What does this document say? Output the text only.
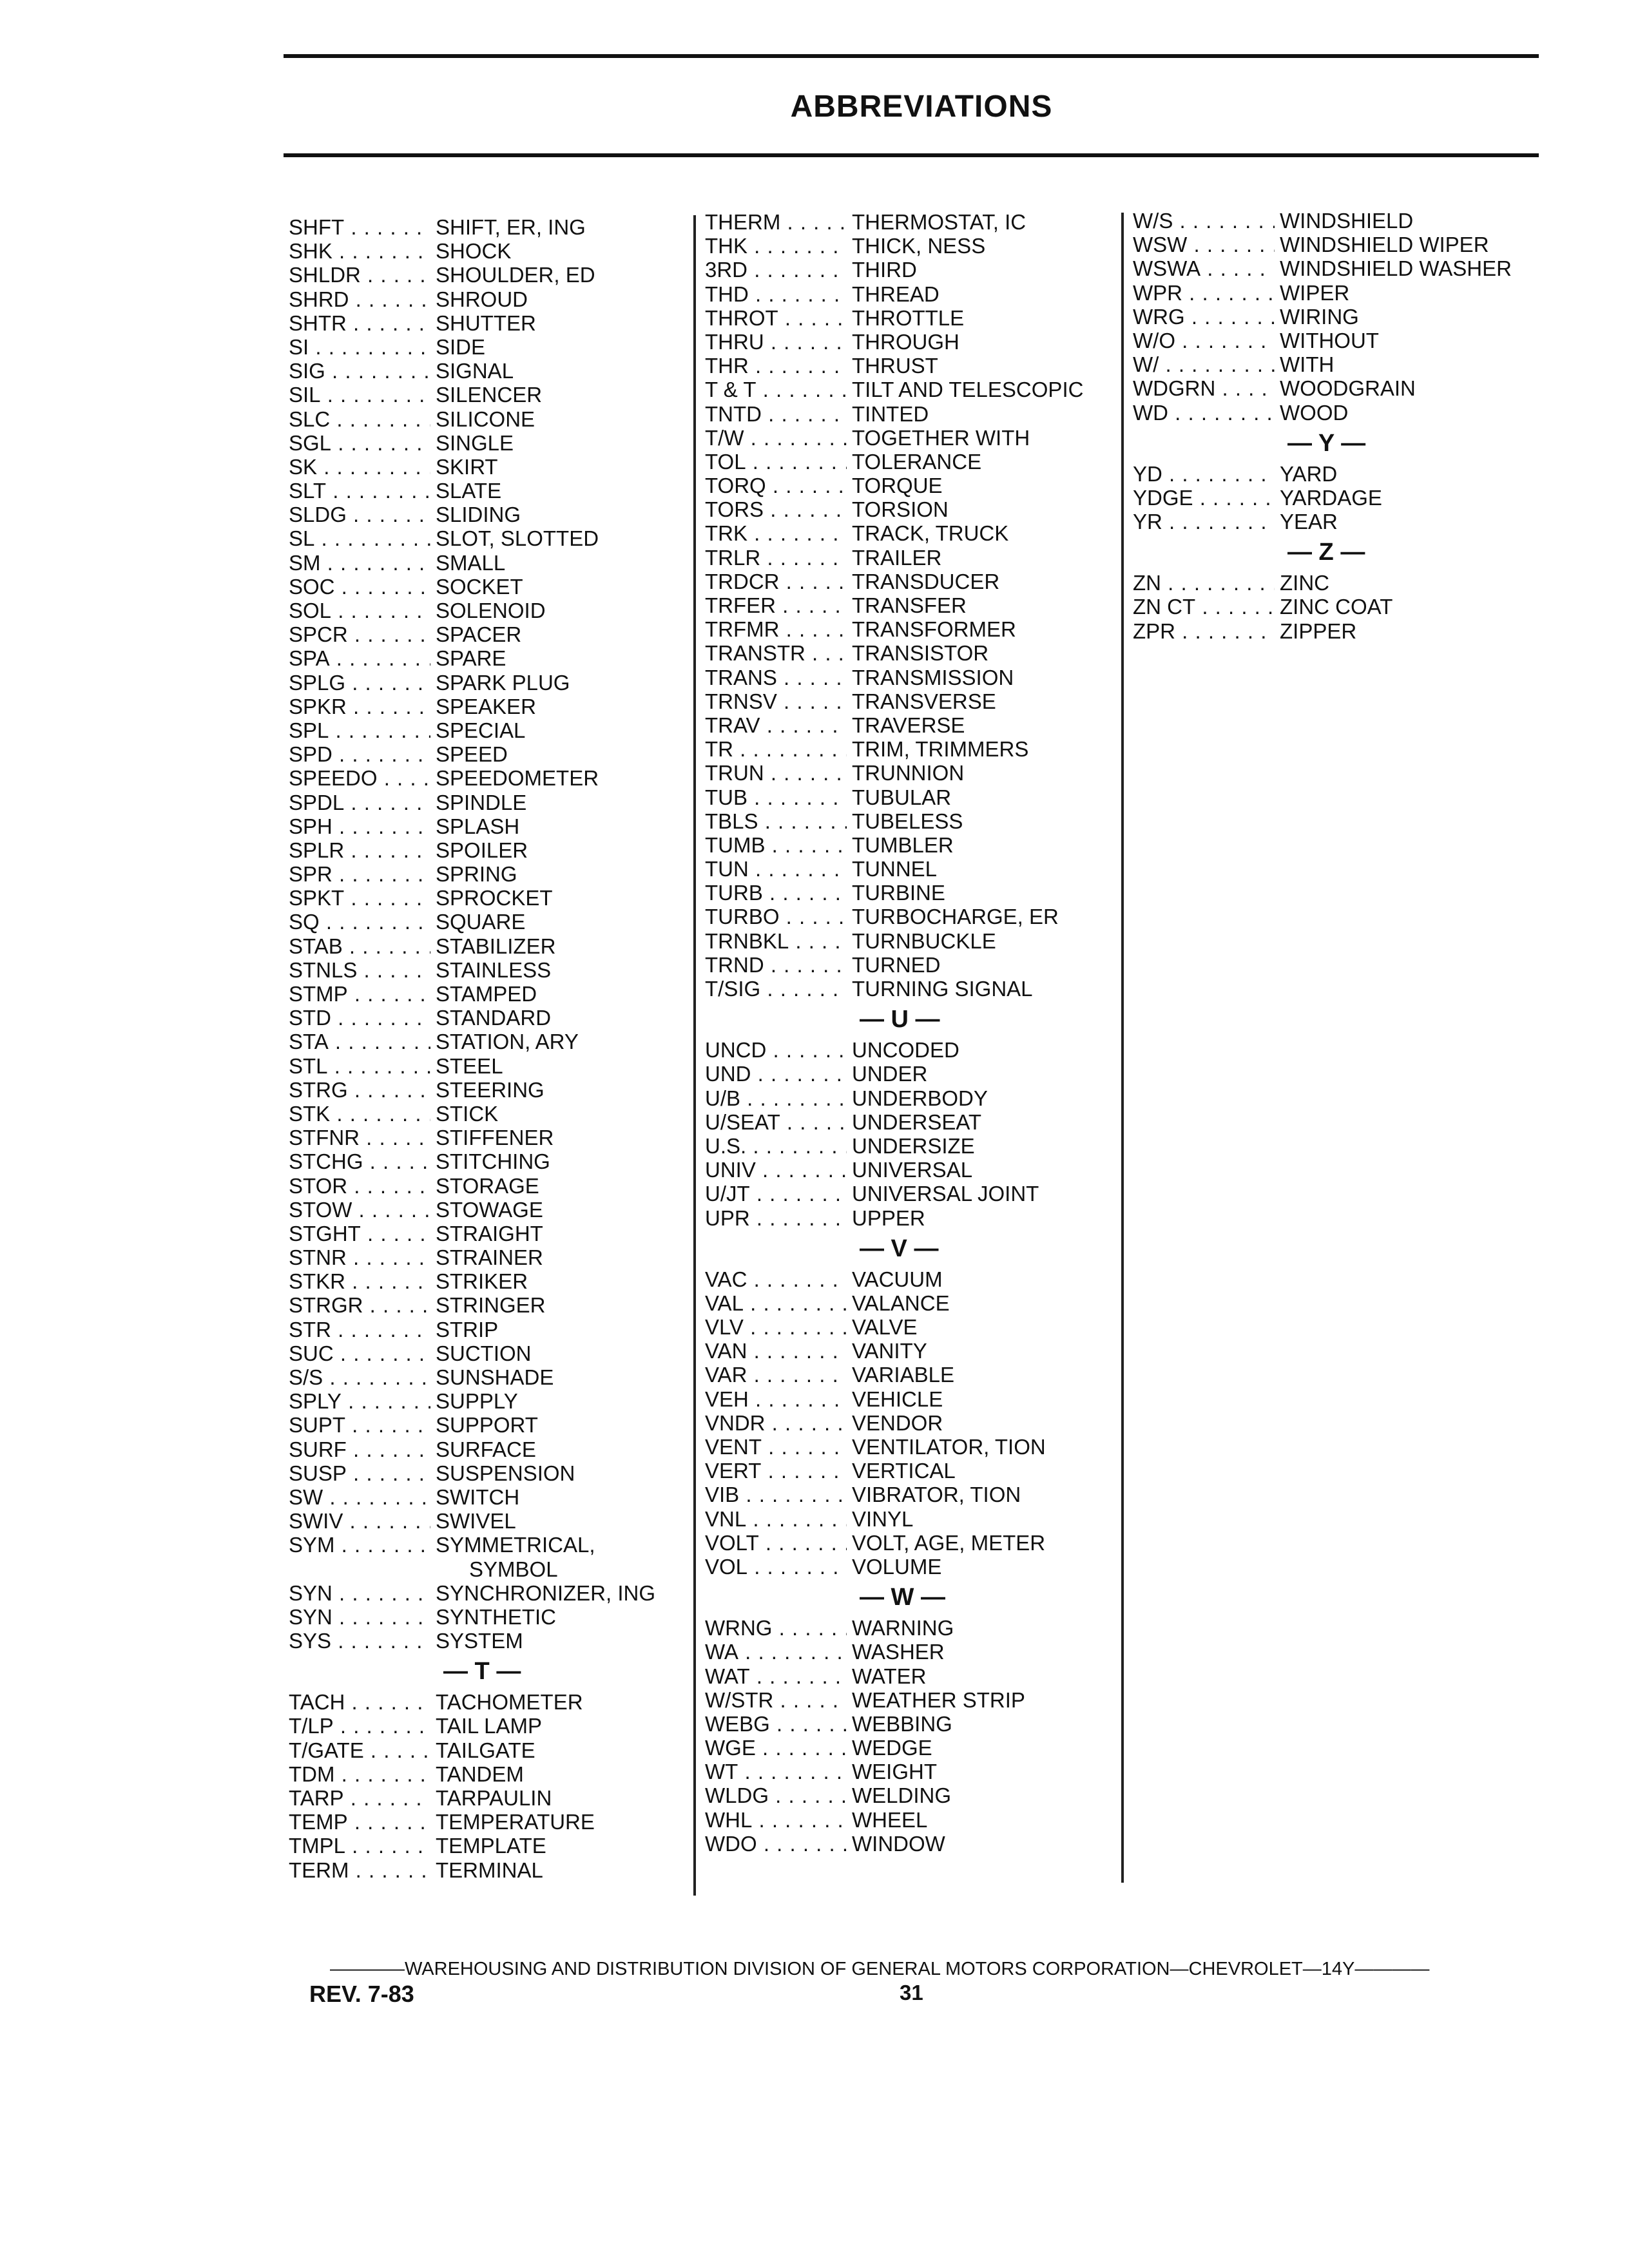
ABBREVIATIONS
SHFT . . .	SHIFT, ER, ING
SHK . . .	SHOCK
SHLDR . . .	SHOULDER, ED
SHRD . . .	SHROUD
SHTR . . .	SHUTTER
SI . . .	SIDE
SIG . . .	SIGNAL
SIL . . .	SILENCER
SLC . . .	SILICONE
SGL . . .	SINGLE
SK . . .	SKIRT
SLT . . .	SLATE
SLDG . . .	SLIDING
SL . . .	SLOT, SLOTTED
SM . . .	SMALL
SOC . . .	SOCKET
SOL . . .	SOLENOID
SPCR . . .	SPACER
SPA . . .	SPARE
SPLG . . .	SPARK PLUG
SPKR . . .	SPEAKER
SPL . . .	SPECIAL
SPD . . .	SPEED
SPEEDO . . .	SPEEDOMETER
SPDL . . .	SPINDLE
SPH . . .	SPLASH
SPLR . . .	SPOILER
SPR . . .	SPRING
SPKT . . .	SPROCKET
SQ . . .	SQUARE
STAB . . .	STABILIZER
STNLS . . .	STAINLESS
STMP . . .	STAMPED
STD . . .	STANDARD
STA . . .	STATION, ARY
STL . . .	STEEL
STRG . . .	STEERING
STK . . .	STICK
STFNR . . .	STIFFENER
STCHG . . .	STITCHING
STOR . . .	STORAGE
STOW . . .	STOWAGE
STGHT . . .	STRAIGHT
STNR . . .	STRAINER
STKR . . .	STRIKER
STRGR . . .	STRINGER
STR . . .	STRIP
SUC . . .	SUCTION
S/S . . .	SUNSHADE
SPLY . . .	SUPPLY
SUPT . . .	SUPPORT
SURF . . .	SURFACE
SUSP . . .	SUSPENSION
SW . . .	SWITCH
SWIV . . .	SWIVEL
SYM . . .	SYMMETRICAL,
SYMBOL
SYN . . .	SYNCHRONIZER, ING
SYN . . .	SYNTHETIC
SYS . . .	SYSTEM
— T —
TACH . . .	TACHOMETER
T/LP . . .	TAIL LAMP
T/GATE . . .	TAILGATE
TDM . . .	TANDEM
TARP . . .	TARPAULIN
TEMP . . .	TEMPERATURE
TMPL . . .	TEMPLATE
TERM . . .	TERMINAL
THERM . . .	THERMOSTAT, IC
THK . . .	THICK, NESS
3RD . . .	THIRD
THD . . .	THREAD
THROT . . .	THROTTLE
THRU . . .	THROUGH
THR . . .	THRUST
T & T . . .	TILT AND TELESCOPIC
TNTD . . .	TINTED
T/W . . .	TOGETHER WITH
TOL . . .	TOLERANCE
TORQ . . .	TORQUE
TORS . . .	TORSION
TRK . . .	TRACK, TRUCK
TRLR . . .	TRAILER
TRDCR . . .	TRANSDUCER
TRFER . . .	TRANSFER
TRFMR . . .	TRANSFORMER
TRANSTR . . .	TRANSISTOR
TRANS . . .	TRANSMISSION
TRNSV . . .	TRANSVERSE
TRAV . . .	TRAVERSE
TR . . .	TRIM, TRIMMERS
TRUN . . .	TRUNNION
TUB . . .	TUBULAR
TBLS . . .	TUBELESS
TUMB . . .	TUMBLER
TUN . . .	TUNNEL
TURB . . .	TURBINE
TURBO . . .	TURBOCHARGE, ER
TRNBKL . . .	TURNBUCKLE
TRND . . .	TURNED
T/SIG . . .	TURNING SIGNAL
— U —
UNCD . . .	UNCODED
UND . . .	UNDER
U/B . . .	UNDERBODY
U/SEAT . . .	UNDERSEAT
U.S. . . .	UNDERSIZE
UNIV . . .	UNIVERSAL
U/JT . . .	UNIVERSAL JOINT
UPR . . .	UPPER
— V —
VAC . . .	VACUUM
VAL . . .	VALANCE
VLV . . .	VALVE
VAN . . .	VANITY
VAR . . .	VARIABLE
VEH . . .	VEHICLE
VNDR . . .	VENDOR
VENT . . .	VENTILATOR, TION
VERT . . .	VERTICAL
VIB . . .	VIBRATOR, TION
VNL . . .	VINYL
VOLT . . .	VOLT, AGE, METER
VOL . . .	VOLUME
— W —
WRNG . . .	WARNING
WA . . .	WASHER
WAT . . .	WATER
W/STR . . .	WEATHER STRIP
WEBG . . .	WEBBING
WGE . . .	WEDGE
WT . . .	WEIGHT
WLDG . . .	WELDING
WHL . . .	WHEEL
WDO . . .	WINDOW
W/S . . .	WINDSHIELD
WSW . . .	WINDSHIELD WIPER
WSWA . . .	WINDSHIELD WASHER
WPR . . .	WIPER
WRG . . .	WIRING
W/O . . .	WITHOUT
W/ . . .	WITH
WDGRN . . .	WOODGRAIN
WD . . .	WOOD
— Y —
YD . . .	YARD
YDGE . . .	YARDAGE
YR . . .	YEAR
— Z —
ZN . . .	ZINC
ZN CT . . .	ZINC COAT
ZPR . . .	ZIPPER
————WAREHOUSING AND DISTRIBUTION DIVISION OF GENERAL MOTORS CORPORATION—CHEVROLET—14Y————
REV. 7-83	31
